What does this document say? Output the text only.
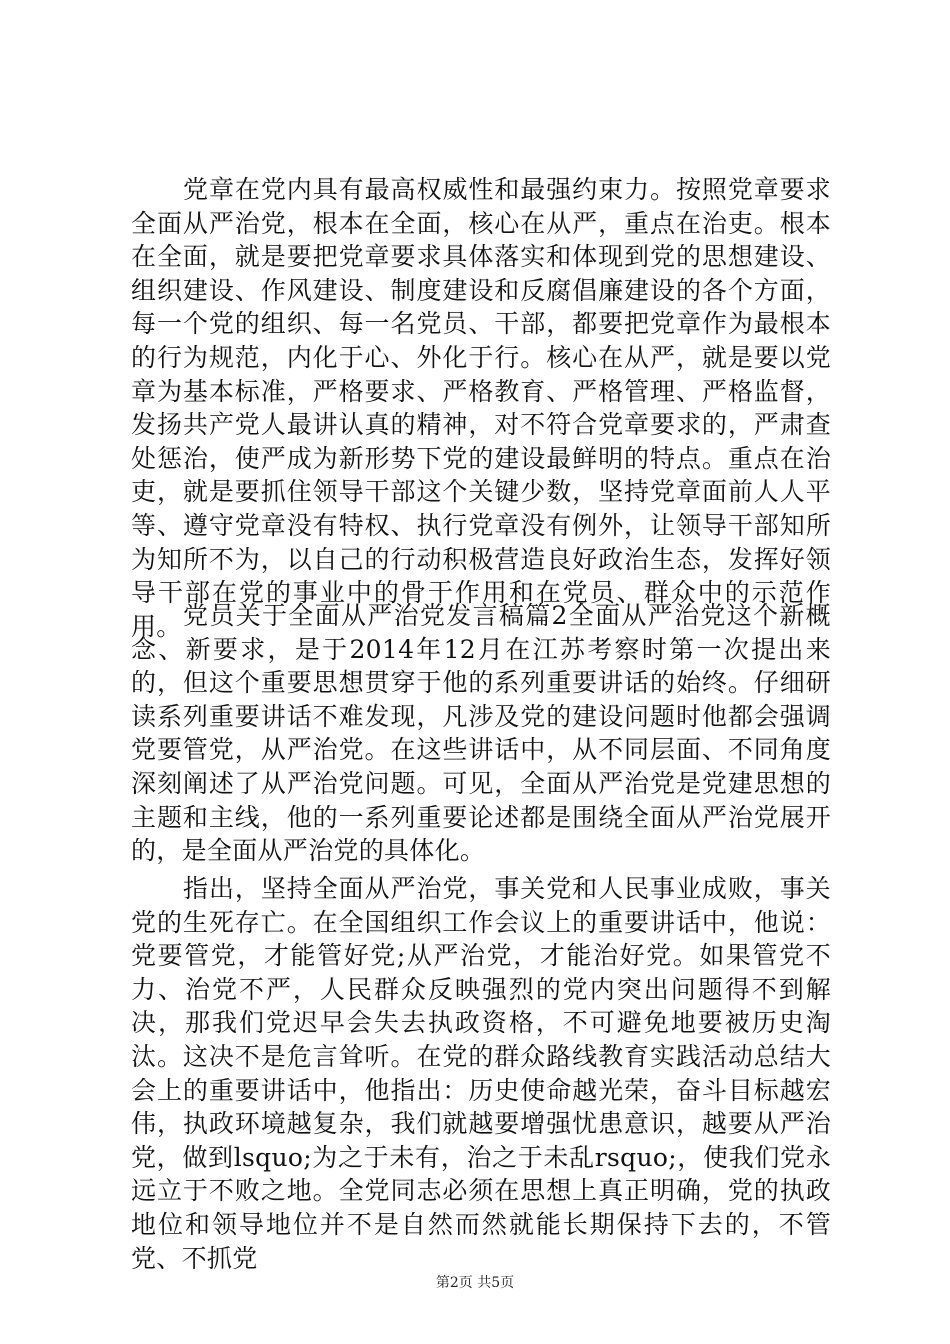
党章在党内具有最高权威性和最强约束力。按照党章要求全面从严治党，根本在全面，核心在从严，重点在治吏。根本在全面，就是要把党章要求具体落实和体现到党的思想建设、组织建设、作风建设、制度建设和反腐倡廉建设的各个方面，每一个党的组织、每一名党员、干部，都要把党章作为最根本的行为规范，内化于心、外化于行。核心在从严，就是要以党章为基本标准，严格要求、严格教育、严格管理、严格监督，发扬共产党人最讲认真的精神，对不符合党章要求的，严肃查处惩治，使严成为新形势下党的建设最鲜明的特点。重点在治吏，就是要抓住领导干部这个关键少数，坚持党章面前人人平等、遵守党章没有特权、执行党章没有例外，让领导干部知所为知所不为，以自己的行动积极营造良好政治生态，发挥好领导干部在党的事业中的骨干作用和在党员、群众中的示范作用。 党员关于全面从严治党发言稿篇2全面从严治党这个新概念、新要求，是于2014年12月在江苏考察时第一次提出来的，但这个重要思想贯穿于他的系列重要讲话的始终。仔细研读系列重要讲话不难发现，凡涉及党的建设问题时他都会强调党要管党，从严治党。在这些讲话中，从不同层面、不同角度深刻阐述了从严治党问题。可见，全面从严治党是党建思想的主题和主线，他的一系列重要论述都是围绕全面从严治党展开的，是全面从严治党的具体化。

指出，坚持全面从严治党，事关党和人民事业成败，事关党的生死存亡。在全国组织工作会议上的重要讲话中，他说：党要管党，才能管好党;从严治党，才能治好党。如果管党不力、治党不严，人民群众反映强烈的党内突出问题得不到解决，那我们党迟早会失去执政资格，不可避免地要被历史淘汰。这决不是危言耸听。在党的群众路线教育实践活动总结大会上的重要讲话中，他指出：历史使命越光荣，奋斗目标越宏伟，执政环境越复杂，我们就越要增强忧患意识，越要从严治党，做到lsquo;为之于未有，治之于未乱rsquo;，使我们党永远立于不败之地。全党同志必须在思想上真正明确，党的执政地位和领导地位并不是自然而然就能长期保持下去的，不管党、不抓党

第2页 共5页
